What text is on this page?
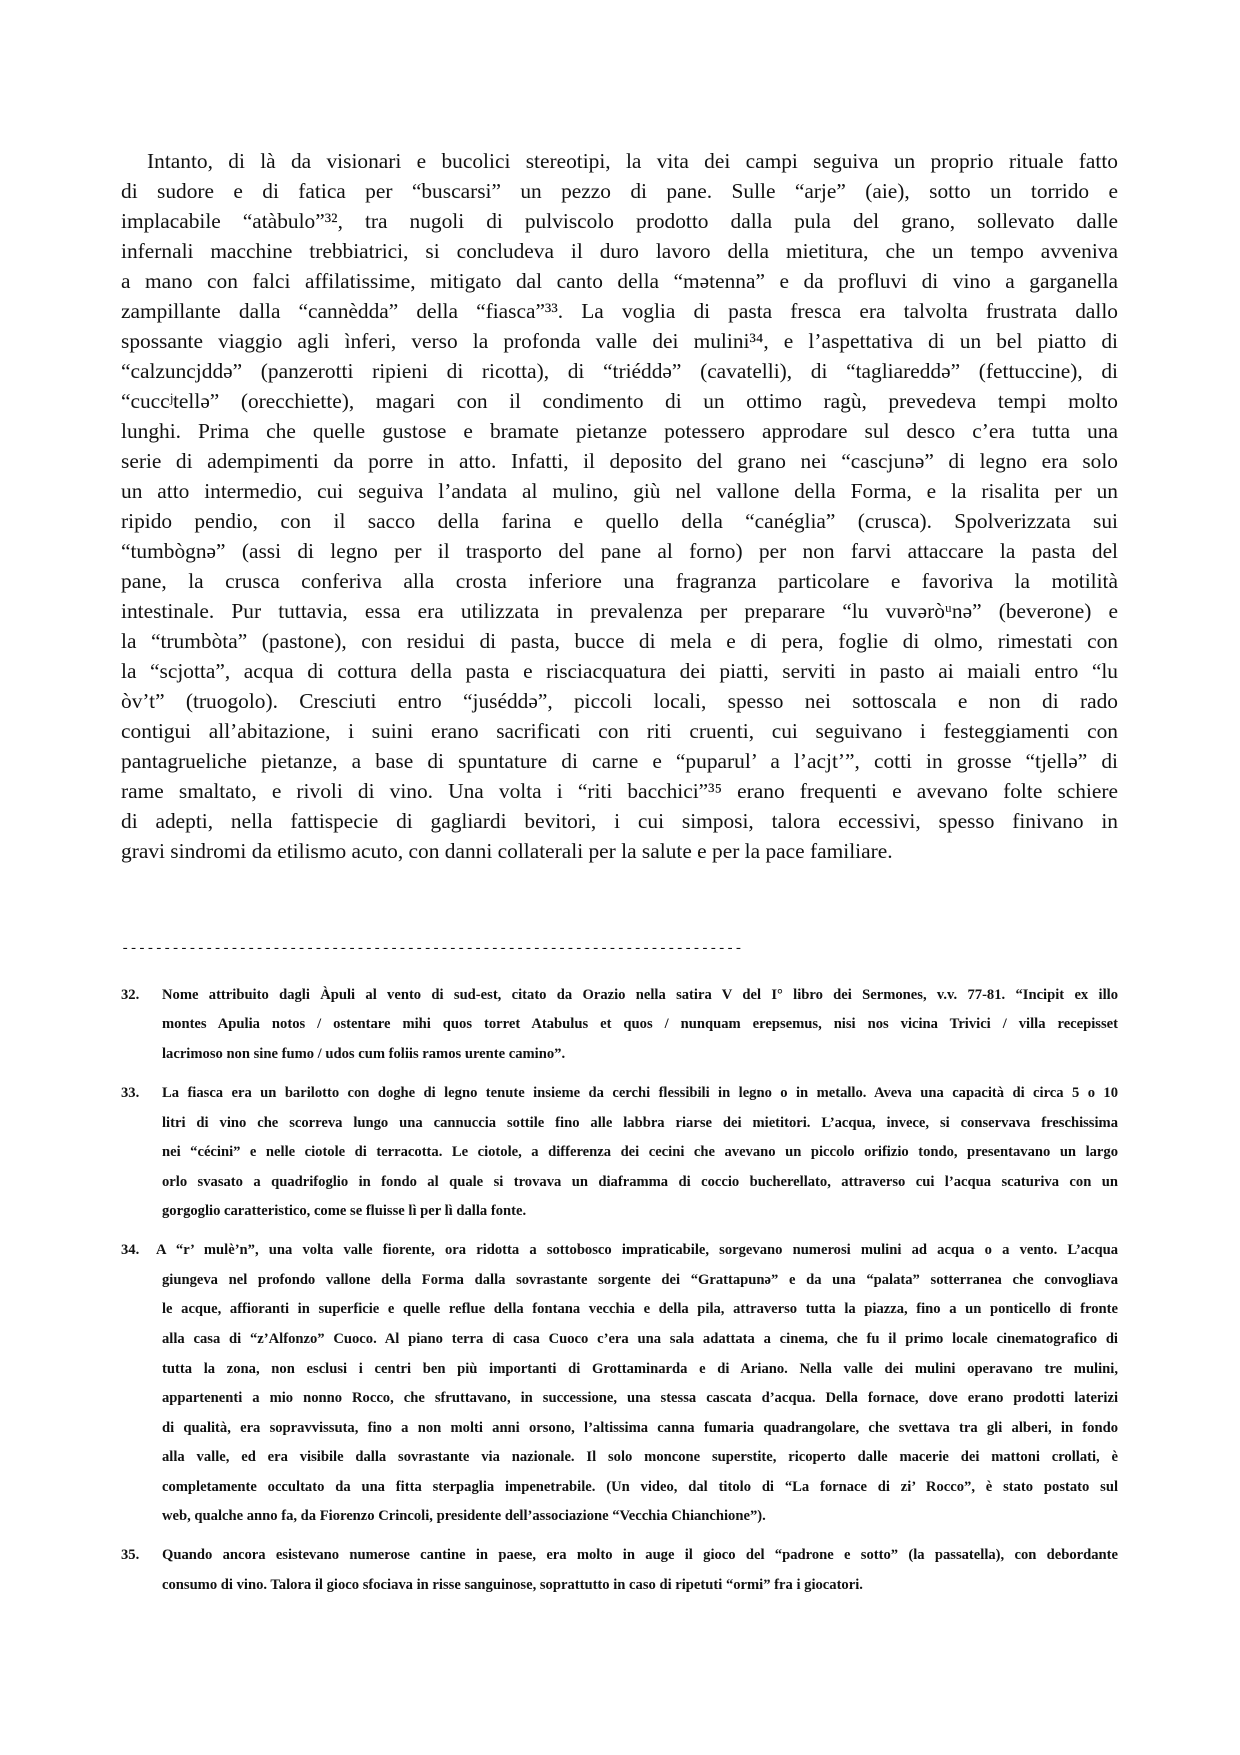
Intanto, di là da visionari e bucolici stereotipi, la vita dei campi seguiva un proprio rituale fatto

di sudore e di fatica per “buscarsi” un pezzo di pane. Sulle “arje” (aie), sotto un torrido e

implacabile “atàbulo”³², tra nugoli di pulviscolo prodotto dalla pula del grano, sollevato dalle

infernali macchine trebbiatrici, si concludeva il duro lavoro della mietitura, che un tempo avveniva

a mano con falci affilatissime, mitigato dal canto della “mətenna” e da profluvi di vino a garganella

zampillante dalla “cannèdda” della “fiasca”³³. La voglia di pasta fresca era talvolta frustrata dallo

spossante viaggio agli ìnferi, verso la profonda valle dei mulini³⁴, e l’aspettativa di un bel piatto di

“calzuncjddə” (panzerotti ripieni di ricotta), di “triéddə” (cavatelli), di “tagliareddə” (fettuccine), di

“cuccʲtellə” (orecchiette), magari con il condimento di un ottimo ragù, prevedeva tempi molto

lunghi. Prima che quelle gustose e bramate pietanze potessero approdare sul desco c’era tutta una

serie di adempimenti da porre in atto. Infatti, il deposito del grano nei “cascjunə” di legno era solo

un atto intermedio, cui seguiva l’andata al mulino, giù nel vallone della Forma, e la risalita per un

ripido pendio, con il sacco della farina e quello della “canéglia” (crusca). Spolverizzata sui

“tumbògnə” (assi di legno per il trasporto del pane al forno) per non farvi attaccare la pasta del

pane, la crusca conferiva alla crosta inferiore una fragranza particolare e favoriva la motilità

intestinale. Pur tuttavia, essa era utilizzata in prevalenza per preparare “lu vuvəròᵘnə” (beverone) e

la “trumbòta” (pastone), con residui di pasta, bucce di mela e di pera, foglie di olmo, rimestati con

la “scjotta”, acqua di cottura della pasta e risciacquatura dei piatti, serviti in pasto ai maiali entro “lu

òv’t” (truogolo). Cresciuti entro “juséddə”, piccoli locali, spesso nei sottoscala e non di rado

contigui all’abitazione, i suini erano sacrificati con riti cruenti, cui seguivano i festeggiamenti con

pantagrueliche pietanze, a base di spuntature di carne e “puparul’ a l’acjt’”, cotti in grosse “tjellə” di

rame smaltato, e rivoli di vino. Una volta i “riti bacchici”³⁵ erano frequenti e avevano folte schiere

di adepti, nella fattispecie di gagliardi bevitori, i cui simposi, talora eccessivi, spesso finivano in

gravi sindromi da etilismo acuto, con danni collaterali per la salute e per la pace familiare.

--------------------------------------------------------------------------

32.	Nome attribuito dagli Àpuli al vento di sud-est, citato da Orazio nella satira V del I° libro dei Sermones, v.v. 77-81. “Incipit ex illo

montes Apulia notos / ostentare mihi quos torret Atabulus et quos / nunquam erepsemus, nisi nos vicina Trivici / villa recepisset

lacrimoso non sine fumo / udos cum foliis ramos urente camino”.

33.	La fiasca era un barilotto con doghe di legno tenute insieme da cerchi flessibili in legno o in metallo. Aveva una capacità di circa 5 o 10

litri di vino che scorreva lungo una cannuccia sottile fino alle labbra riarse dei mietitori. L’acqua, invece, si conservava freschissima

nei “cécini” e nelle ciotole di terracotta. Le ciotole, a differenza dei cecini che avevano un piccolo orifizio tondo, presentavano un largo

orlo svasato a quadrifoglio in fondo al quale si trovava un diaframma di coccio bucherellato, attraverso cui l’acqua scaturiva con un

gorgoglio caratteristico, come se fluisse lì per lì dalla fonte.

34.	A “r’ mulè’n”, una volta valle fiorente, ora ridotta a sottobosco impraticabile, sorgevano numerosi mulini ad acqua o a vento. L’acqua

giungeva nel profondo vallone della Forma dalla sovrastante sorgente dei “Grattapunə” e da una “palata” sotterranea che convogliava

le acque, affioranti in superficie e quelle reflue della fontana vecchia e della pila, attraverso tutta la piazza, fino a un ponticello di fronte

alla casa di “z’Alfonzo” Cuoco. Al piano terra di casa Cuoco c’era una sala adattata a cinema, che fu il primo locale cinematografico di

tutta la zona, non esclusi i centri ben più importanti di Grottaminarda e di Ariano. Nella valle dei mulini operavano tre mulini,

appartenenti a mio nonno Rocco, che sfruttavano, in successione, una stessa cascata d’acqua. Della fornace, dove erano prodotti laterizi

di qualità, era sopravvissuta, fino a non molti anni orsono, l’altissima canna fumaria quadrangolare, che svettava tra gli alberi, in fondo

alla valle, ed era visibile dalla sovrastante via nazionale. Il solo moncone superstite, ricoperto dalle macerie dei mattoni crollati, è

completamente occultato da una fitta sterpaglia impenetrabile. (Un video, dal titolo di “La fornace di zi’ Rocco”, è stato postato sul

web, qualche anno fa, da Fiorenzo Crincoli, presidente dell’associazione “Vecchia Chianchione”).

35.	Quando ancora esistevano numerose cantine in paese, era molto in auge il gioco del “padrone e sotto” (la passatella), con debordante

consumo di vino. Talora il gioco sfociava in risse sanguinose, soprattutto in caso di ripetuti “ormi” fra i giocatori.
